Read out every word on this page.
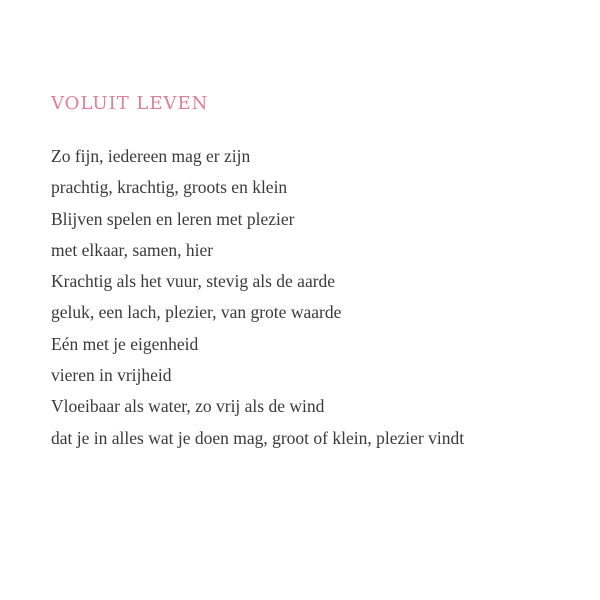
VOLUIT LEVEN
Zo fijn, iedereen mag er zijn
prachtig, krachtig, groots en klein
Blijven spelen en leren met plezier
met elkaar, samen, hier
Krachtig als het vuur, stevig als de aarde
geluk, een lach, plezier, van grote waarde
Eén met je eigenheid
vieren in vrijheid
Vloeibaar als water, zo vrij als de wind
dat je in alles wat je doen mag, groot of klein, plezier vindt
